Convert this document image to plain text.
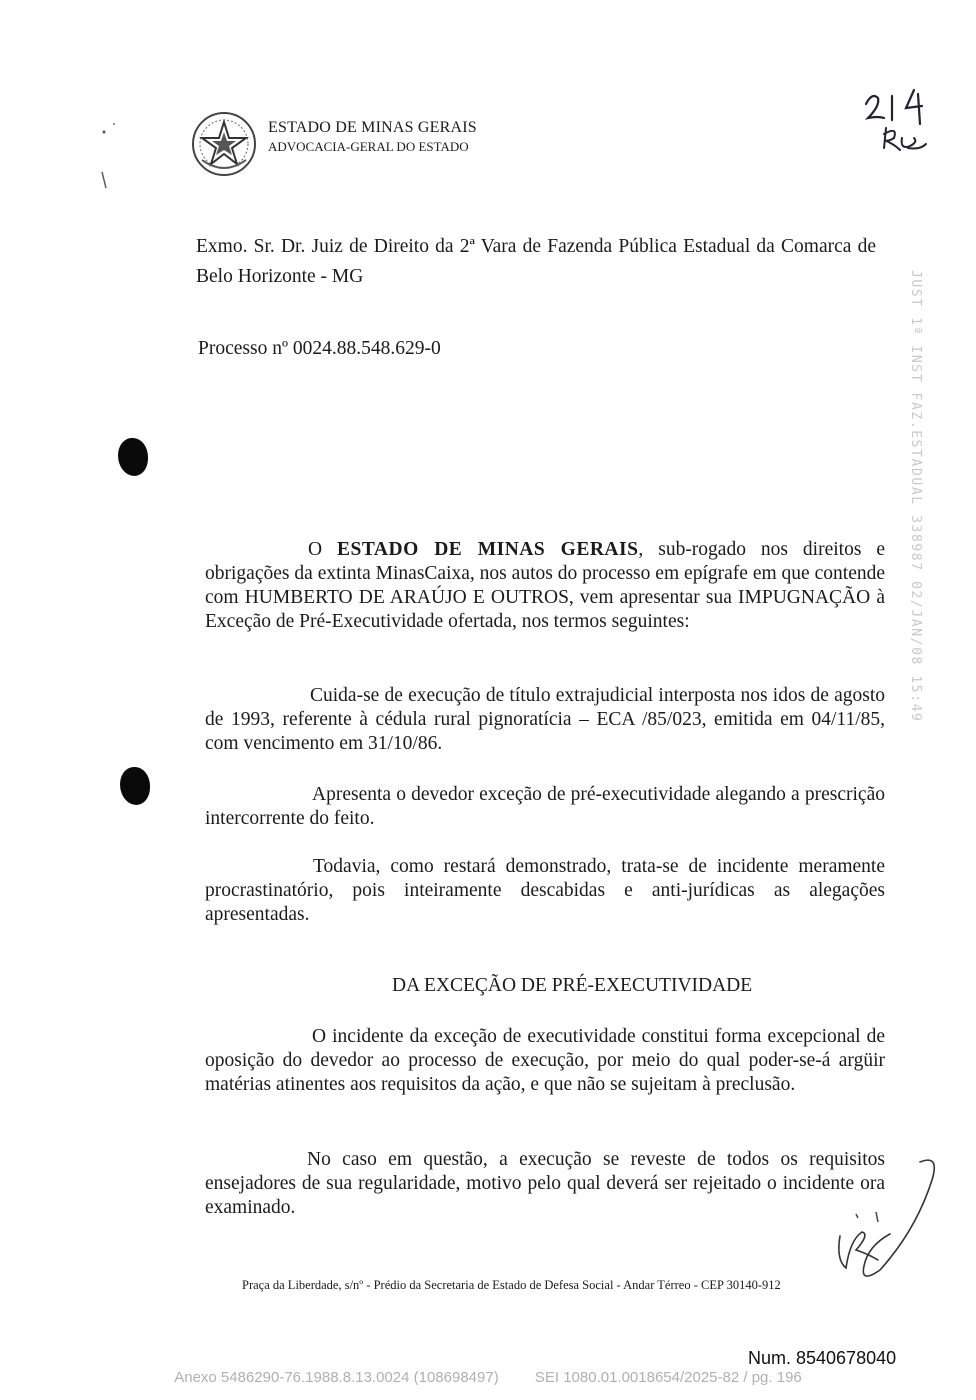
ESTADO DE MINAS GERAIS
ADVOCACIA-GERAL DO ESTADO
Exmo. Sr. Dr. Juiz de Direito da 2ª Vara de Fazenda Pública Estadual da Comarca de Belo Horizonte - MG
Processo nº 0024.88.548.629-0	JUST 1ª INST FAZ.ESTADUAL 338987 02/JAN/08 15:49
O ESTADO DE MINAS GERAIS, sub-rogado nos direitos e obrigações da extinta MinasCaixa, nos autos do processo em epígrafe em que contende com HUMBERTO DE ARAÚJO E OUTROS, vem apresentar sua IMPUGNAÇÃO à Exceção de Pré-Executividade ofertada, nos termos seguintes:
Cuida-se de execução de título extrajudicial interposta nos idos de agosto de 1993, referente à cédula rural pignoratícia – ECA /85/023, emitida em 04/11/85, com vencimento em 31/10/86.
Apresenta o devedor exceção de pré-executividade alegando a prescrição intercorrente do feito.
Todavia, como restará demonstrado, trata-se de incidente meramente procrastinatório, pois inteiramente descabidas e anti-jurídicas as alegações apresentadas.
DA EXCEÇÃO DE PRÉ-EXECUTIVIDADE
O incidente da exceção de executividade constitui forma excepcional de oposição do devedor ao processo de execução, por meio do qual poder-se-á argüir matérias atinentes aos requisitos da ação, e que não se sujeitam à preclusão.
No caso em questão, a execução se reveste de todos os requisitos ensejadores de sua regularidade, motivo pelo qual deverá ser rejeitado o incidente ora examinado.
Praça da Liberdade, s/nº - Prédio da Secretaria de Estado de Defesa Social - Andar Térreo - CEP 30140-912
Num. 8540678040
Anexo 5486290-76.1988.8.13.0024 (108698497) SEI 1080.01.0018654/2025-82 / pg. 196
